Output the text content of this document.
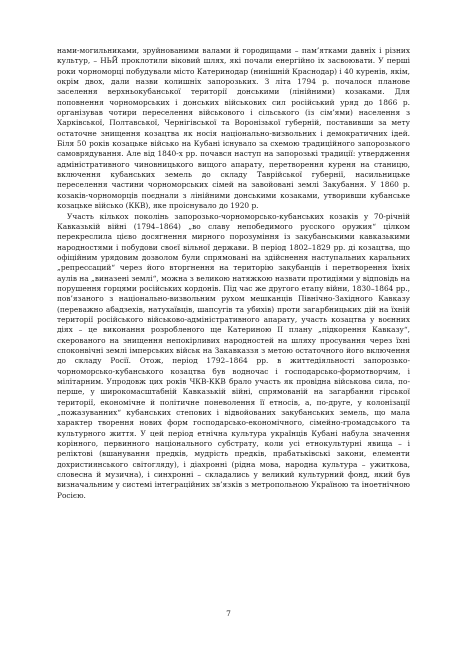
нами-могильниками, зруйнованими валами й городищами – пам’ятками давніх і різних культур, – НЬЙ проклотили віковий шлях, які почали енергійно іх засвоювати. У перші роки чорноморці побудували місто Катеринодар (нинішній Краснодар) і 40 куренів, якім, окрім двох, дали назви колишніх запорозьких. З літа 1794 р. почалося планове заселення верхньокубанської території донськими (лінійними) козаками. Для поповнення чорноморських і донських військових сил російський уряд до 1866 р. організував чотири переселення військового і сільського (із сім’ями) населення з Харківської, Полтавської, Чернігівської та Воронізької губерній, поставивши за мету остаточне знищення козацтва як носія національно-визвольних і демократичних ідей. Біля 50 років козацьке військо на Кубані існувало за схемою традиційного запорозького самоврядування. Але від 1840-х рр. почався наступ на запорозькі традиції: утвердження адміністративного чиновницького вищого апарату, перетворення куреня на станицю, включення кубанських земель до складу Таврійської губернії, насильницьке переселення частини чорноморських сімей на завойовані землі Закубання. У 1860 р. козаків-чорноморців поєднали з лінійними донськими козаками, утворивши кубанське козацьке військо (ККВ), яке проіснувало до 1920 р.

Участь кількох поколінь запорозько-чорноморсько-кубанських козаків у 70-річній Кавказькій війні (1794–1864) „во славу непобедимого русского оружия“ цілком перекреслила цієво досягнення мирного порозуміння із закубанськими кавказькими народностями і побудови своєї вільної держави. В період 1802–1829 рр. ді козацтва, що офіційним урядовим дозволом були спрямовані на здійснення наступальних каральних „репрессаций“ через його вторгнення на територію закубанців і перетворення їхніх аулів на „виназені землі“, можна з великою натяжкою назвати протидіями у відповідь на порушення горцями російських кордонів. Під час же другого етапу війни, 1830–1864 рр., пов’язаного з національно-визвольним рухом мешканців Північно-Західного Кавказу (переважно абадзехів, натухаївців, шапсугів та убихів) проти загарбницьких дій на їхній території російського військово-адміністративного апарату, участь козацтва у воєнних діях – це виконання розробленого ще Катериною II плану „підкорення Кавказу“, скерованого на знищення непокірливих народностей на шляху просування через їхні споконвічні землі імперських військ на Закавказзя з метою остаточного його включення до складу Росії. Отож, період 1792–1864 рр. в життедіяльності запорозько-чорноморсько-кубанського козацтва був водночас і господарсько-формотворчим, і мілітарним. Упродовж цих років ЧКВ-ККВ брало участь як провідна військова сила, по-перше, у широкомасштабній Кавказькій війні, спрямованій на загарбання гірської території, економічне й політичне поневолення її етносів, а, по-друге, у колонізації „пожазуванних“ кубанських степових і відвойованих закубанських земель, що мала характер творення нових форм господарсько-економічного, сімейно-громадського та культурного життя. У цей період етнічна культура українців Кубані набула значення корінного, первинного національного субстрату, коли усі етнокультурні явища – і реліктові (вшанування предків, мудрість предків, прабатьківські закони, елементи дохристиянського світогляду), і діахронні (рідна мова, народна культура – ужиткова, словесна й музична), і синхронні – складались у великий культурний фонд, який був визначальним у системі інтеграційних зв’язків з метропольною Україною та іноетнічною Росією.

7
